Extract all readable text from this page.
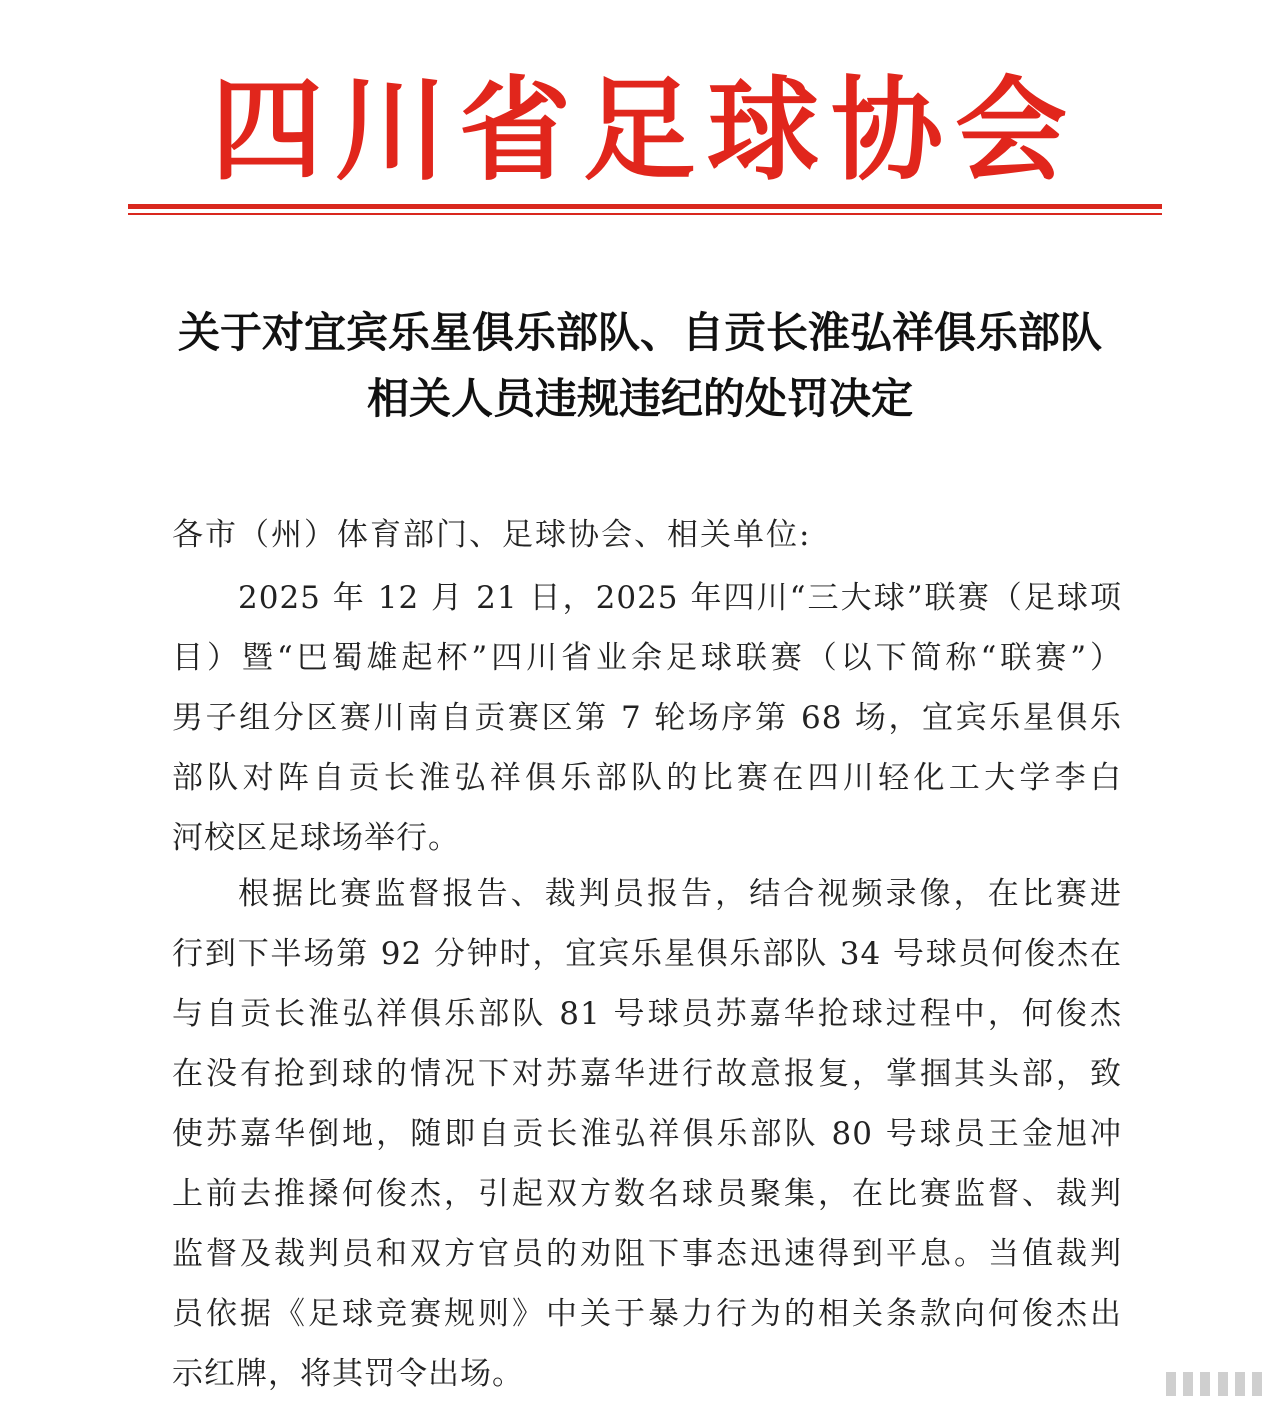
四川省足球协会
关于对宜宾乐星俱乐部队、自贡长淮弘祥俱乐部队
相关人员违规违纪的处罚决定
各市（州）体育部门、足球协会、相关单位:
2025 年 12 月 21 日，2025 年四川“三大球”联赛（足球项
目）暨“巴蜀雄起杯”四川省业余足球联赛（以下简称“联赛”）
男子组分区赛川南自贡赛区第 7 轮场序第 68 场，宜宾乐星俱乐
部队对阵自贡长淮弘祥俱乐部队的比赛在四川轻化工大学李白
河校区足球场举行。
根据比赛监督报告、裁判员报告，结合视频录像，在比赛进
行到下半场第 92 分钟时，宜宾乐星俱乐部队 34 号球员何俊杰在
与自贡长淮弘祥俱乐部队 81 号球员苏嘉华抢球过程中，何俊杰
在没有抢到球的情况下对苏嘉华进行故意报复，掌掴其头部，致
使苏嘉华倒地，随即自贡长淮弘祥俱乐部队 80 号球员王金旭冲
上前去推搡何俊杰，引起双方数名球员聚集，在比赛监督、裁判
监督及裁判员和双方官员的劝阻下事态迅速得到平息。当值裁判
员依据《足球竞赛规则》中关于暴力行为的相关条款向何俊杰出
示红牌，将其罚令出场。
